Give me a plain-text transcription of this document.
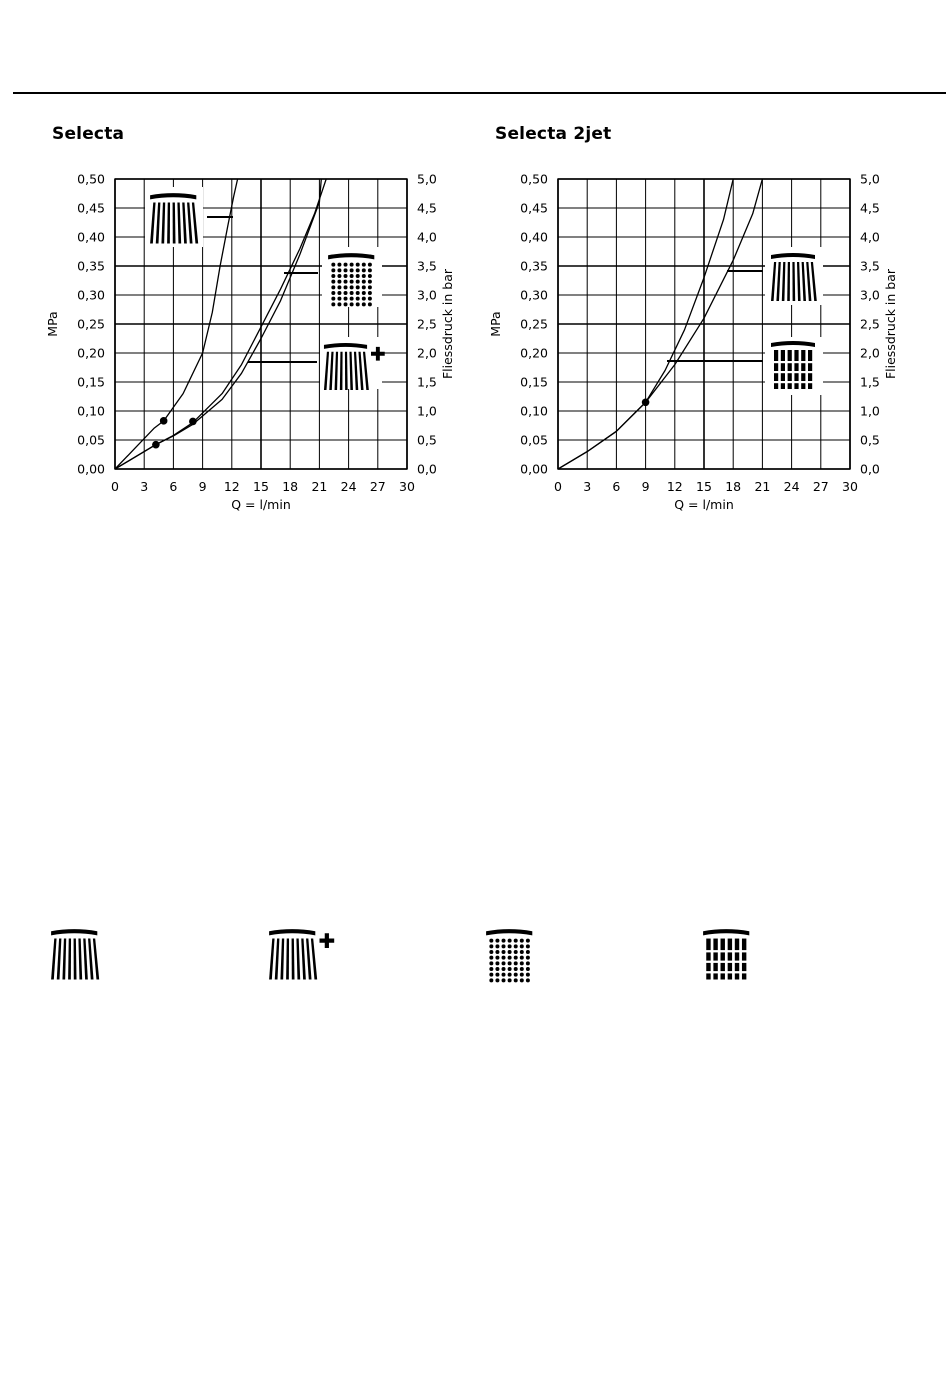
Selecta	Selecta 2jet
0 3 6 9 12 15 18 21 24 27 30
0,00
0,05
0,10
0,15
0,20
0,25
0,30
0,35
0,40
0,45
0,50
0,0
0,5
1,0
1,5
2,0
2,5
3,0
3,5
4,0
4,5
5,0
Q = l/min
MPa	Fliessdruck in bar
0 3 6 9 12 15 18 21 24 27 30
0,00
0,05
0,10
0,15
0,20
0,25
0,30
0,35
0,40
0,45
0,50
0,0
0,5
1,0
1,5
2,0
2,5
3,0
3,5
4,0
4,5
5,0
Q = l/min
MPa	Fliessdruck in bar
